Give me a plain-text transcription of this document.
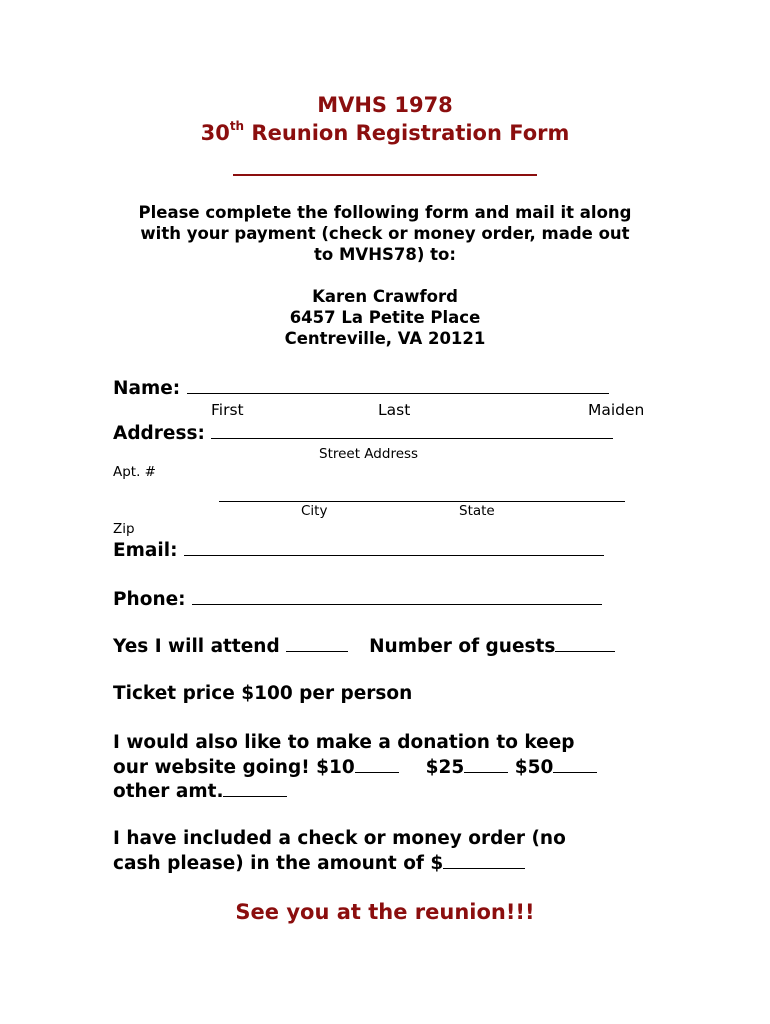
MVHS 1978
30th Reunion Registration Form
Please complete the following form and mail it along
with your payment (check or money order, made out
to MVHS78) to:
Karen Crawford
6457 La Petite Place
Centreville, VA 20121
Name:
First	Last	Maiden
Address:
Street Address
Apt. #
City	State
Zip
Email:
Phone:
Yes I will attend	Number of guests
Ticket price $100 per person
I would also like to make a donation to keep
our website going! $10	$25	$50
other amt.
I have included a check or money order (no
cash please) in the amount of $
See you at the reunion!!!
